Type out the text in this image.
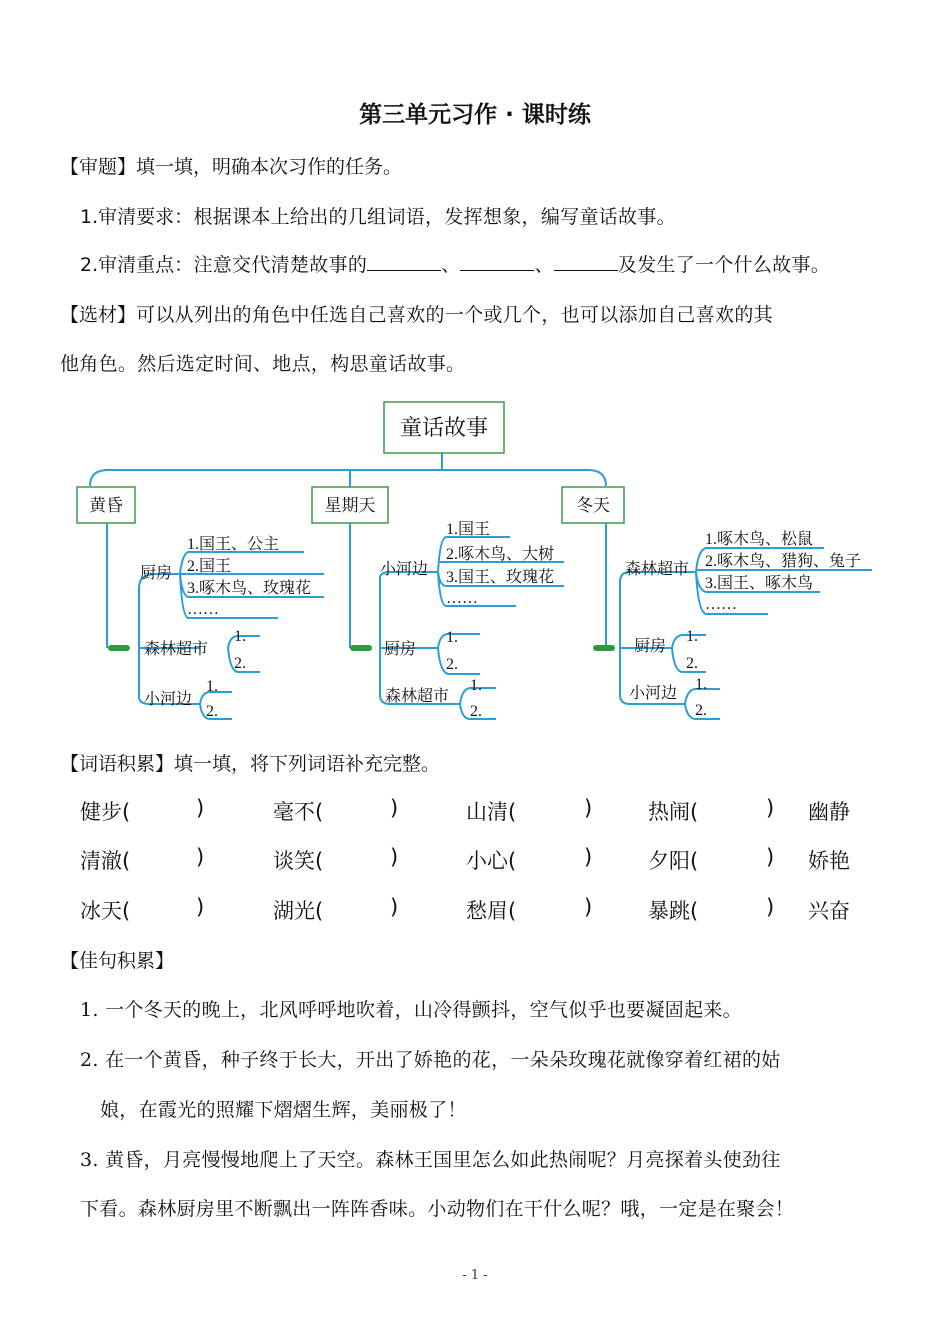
第三单元习作 · 课时练
【审题】填一填，明确本次习作的任务。
1.审清要求：根据课本上给出的几组词语，发挥想象，编写童话故事。
2.审清重点：注意交代清楚故事的	、	、	及发生了一个什么故事。
【选材】可以从列出的角色中任选自己喜欢的一个或几个，也可以添加自己喜欢的其
他角色。然后选定时间、地点，构思童话故事。
童话故事
黄昏	星期天	冬天
厨房
森林超市
小河边
1.国王、公主
2.国王
3.啄木鸟、玫瑰花
……
1.
2.
1.
2.
小河边
厨房
森林超市
1.国王
2.啄木鸟、大树
3.国王、玫瑰花
……
1.
2.
1.
2.
森林超市
厨房
小河边
1.啄木鸟、松鼠
2.啄木鸟、猎狗、兔子
3.国王、啄木鸟
……
1.
2.
1.
2.
【词语积累】填一填，将下列词语补充完整。
健步(	)	毫不(	)	山清(	)	热闹(	) 幽静
清澈(	)	谈笑(	)	小心(	)	夕阳(	) 娇艳
冰天(	)	湖光(	)	愁眉(	)	暴跳(	) 兴奋
【佳句积累】
1. 一个冬天的晚上，北风呼呼地吹着，山冷得颤抖，空气似乎也要凝固起来。
2. 在一个黄昏，种子终于长大，开出了娇艳的花，一朵朵玫瑰花就像穿着红裙的姑
娘，在霞光的照耀下熠熠生辉，美丽极了！
3. 黄昏，月亮慢慢地爬上了天空。森林王国里怎么如此热闹呢？月亮探着头使劲往
下看。森林厨房里不断飘出一阵阵香味。小动物们在干什么呢？哦，一定是在聚会！
- 1 -
